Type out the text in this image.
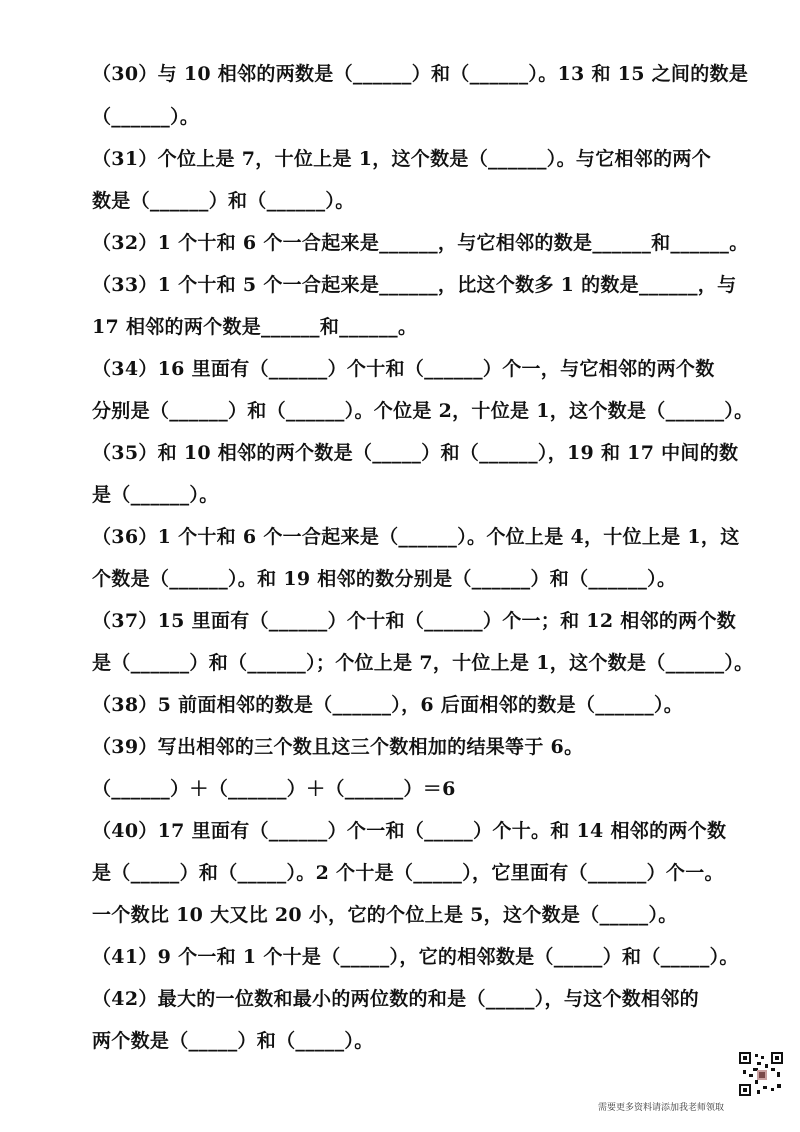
（30）与 10 相邻的两数是（______）和（______）。13 和 15 之间的数是
（______）。
（31）个位上是 7，十位上是 1，这个数是（______）。与它相邻的两个
数是（______）和（______）。
（32）1 个十和 6 个一合起来是______，与它相邻的数是______和______。
（33）1 个十和 5 个一合起来是______，比这个数多 1 的数是______，与
17 相邻的两个数是______和______。
（34）16 里面有（______）个十和（______）个一，与它相邻的两个数
分别是（______）和（______）。个位是 2，十位是 1，这个数是（______）。
（35）和 10 相邻的两个数是（_____）和（______），19 和 17 中间的数
是（______）。
（36）1 个十和 6 个一合起来是（______）。个位上是 4，十位上是 1，这
个数是（______）。和 19 相邻的数分别是（______）和（______）。
（37）15 里面有（______）个十和（______）个一；和 12 相邻的两个数
是（______）和（______）；个位上是 7，十位上是 1，这个数是（______）。
（38）5 前面相邻的数是（______），6 后面相邻的数是（______）。
（39）写出相邻的三个数且这三个数相加的结果等于 6。
（______）＋（______）＋（______）＝6
（40）17 里面有（______）个一和（_____）个十。和 14 相邻的两个数
是（_____）和（_____）。2 个十是（_____），它里面有（______）个一。
一个数比 10 大又比 20 小，它的个位上是 5，这个数是（_____）。
（41）9 个一和 1 个十是（_____），它的相邻数是（_____）和（_____）。
（42）最大的一位数和最小的两位数的和是（_____），与这个数相邻的
两个数是（_____）和（_____）。
需要更多资料请添加我老师领取
